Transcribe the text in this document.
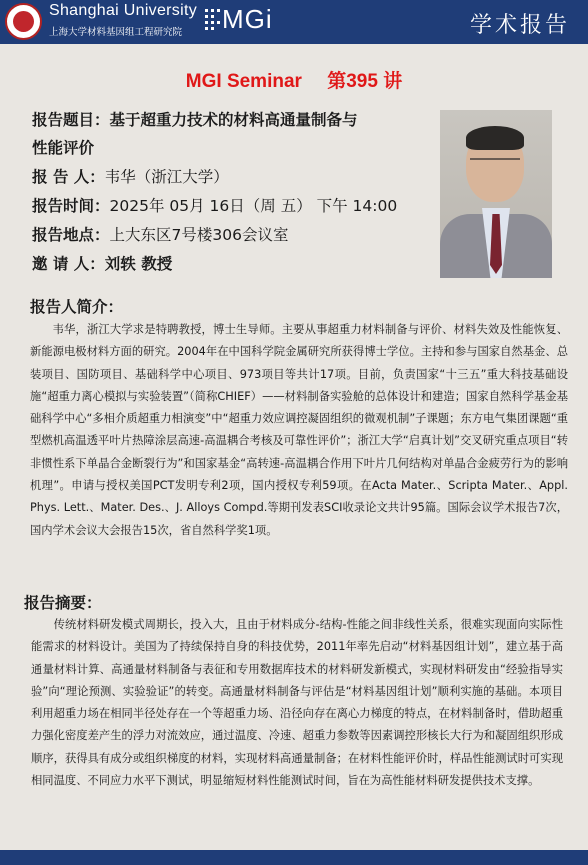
Shanghai University
上海大学材料基因组工程研究院 MGi	学术报告
MGI Seminar 第395 讲
报告题目：基于超重力技术的材料高通量制备与
性能评价
报 告 人：韦华（浙江大学）
报告时间：2025年 05月 16日（周 五） 下午 14:00
报告地点：上大东区7号楼306会议室
邀 请 人：刘轶 教授
报告人简介：
韦华，浙江大学求是特聘教授，博士生导师。主要从事超重力材料制备与评价、材料失效及性能恢复、新能源电极材料方面的研究。2004年在中国科学院金属研究所获得博士学位。主持和参与国家自然基金、总装项目、国防项目、基础科学中心项目、973项目等共计17项。目前，负责国家“十三五”重大科技基础设施“超重力离心模拟与实验装置”（简称CHIEF）——材料制备实验舱的总体设计和建造；国家自然科学基金基础科学中心“多相介质超重力相演变”中“超重力效应调控凝固组织的微观机制”子课题；东方电气集团课题“重型燃机高温透平叶片热障涂层高速-高温耦合考核及可靠性评价”；浙江大学“启真计划”交叉研究重点项目“转非惯性系下单晶合金断裂行为”和国家基金“高转速-高温耦合作用下叶片几何结构对单晶合金疲劳行为的影响机理”。申请与授权美国PCT发明专利2项，国内授权专利59项。在Acta Mater.、Scripta Mater.、Appl. Phys. Lett.、Mater. Des.、J. Alloys Compd.等期刊发表SCI收录论文共计95篇。国际会议学术报告7次，国内学术会议大会报告15次，省自然科学奖1项。
报告摘要：
传统材料研发模式周期长，投入大，且由于材料成分-结构-性能之间非线性关系，很难实现面向实际性能需求的材料设计。美国为了持续保持自身的科技优势，2011年率先启动“材料基因组计划”，建立基于高通量材料计算、高通量材料制备与表征和专用数据库技术的材料研发新模式，实现材料研发由“经验指导实验”向“理论预测、实验验证”的转变。高通量材料制备与评估是“材料基因组计划”顺利实施的基础。本项目利用超重力场在相同半径处存在一个等超重力场、沿径向存在离心力梯度的特点，在材料制备时，借助超重力强化密度差产生的浮力对流效应，通过温度、冷速、超重力参数等因素调控形核长大行为和凝固组织形成顺序，获得具有成分或组织梯度的材料，实现材料高通量制备；在材料性能评价时，样品性能测试时可实现相同温度、不同应力水平下测试，明显缩短材料性能测试时间，旨在为高性能材料研发提供技术支撑。
